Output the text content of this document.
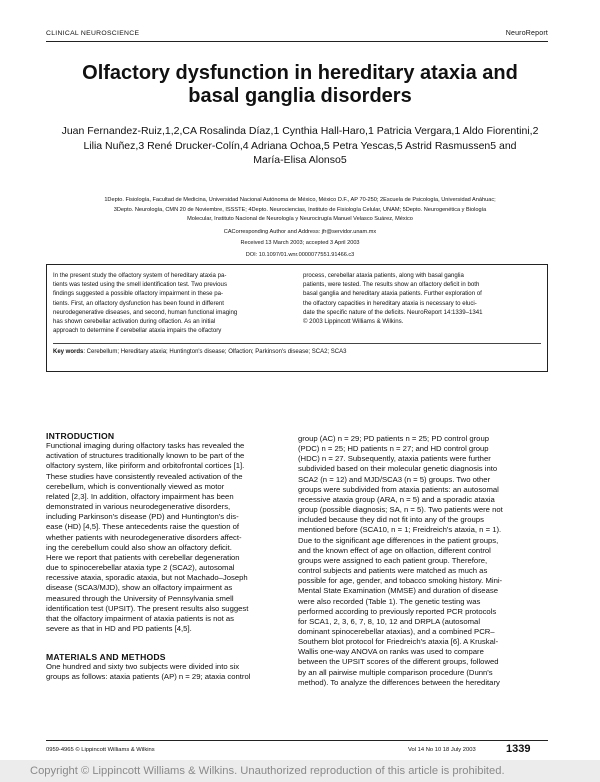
CLINICAL NEUROSCIENCE	NeuroReport
Olfactory dysfunction in hereditary ataxia and
basal ganglia disorders
Juan Fernandez-Ruiz,1,2,CA Rosalinda Díaz,1 Cynthia Hall-Haro,1 Patricia Vergara,1 Aldo Fiorentini,2
Lilia Nuñez,3 René Drucker-Colín,4 Adriana Ochoa,5 Petra Yescas,5 Astrid Rasmussen5 and
María-Elisa Alonso5
1Depto. Fisiología, Facultad de Medicina, Universidad Nacional Autónoma de México, México D.F., AP 70-250; 2Escuela de Psicología, Universidad Anáhuac;
3Depto. Neurología, CMN 20 de Noviembre, ISSSTE; 4Depto. Neurociencias, Instituto de Fisiología Celular, UNAM; 5Depto. Neurogenética y Biología
Molecular, Instituto Nacional de Neurología y Neurocirugía Manuel Velasco Suárez, México
In the present study the olfactory system of hereditary ataxia pa-
tients was tested using the smell identification test. Two previous
findings suggested a possible olfactory impairment in these pa-
tients. First, an olfactory dysfunction has been found in different
neurodegenerative diseases, and second, human functional imaging
has shown cerebellar activation during olfaction. As an initial
approach to determine if cerebellar ataxia impairs the olfactory
process, cerebellar ataxia patients, along with basal ganglia
patients, were tested. The results show an olfactory deficit in both
basal ganglia and hereditary ataxia patients. Further exploration of
the olfactory capacities in hereditary ataxia is necessary to eluci-
date the specific nature of the deficits. NeuroReport 14:1339–1341
© 2003 Lippincott Williams & Wilkins.
Key words: Cerebellum; Hereditary ataxia; Huntington's disease; Olfaction; Parkinson's disease; SCA2; SCA3
CACorresponding Author and Address: jfr@servidor.unam.mx
INTRODUCTION
Functional imaging during olfactory tasks has revealed the
activation of structures traditionally known to be part of the
olfactory system, like piriform and orbitofrontal cortices [1].
These studies have consistently revealed activation of the
cerebellum, which is conventionally viewed as motor
related [2,3]. In addition, olfactory impairment has been
demonstrated in various neurodegenerative disorders,
including Parkinson's disease (PD) and Huntington's dis-
ease (HD) [4,5]. These antecedents raise the question of
whether patients with neurodegenerative disorders affect-
ing the cerebellum could also show an olfactory deficit.
Here we report that patients with cerebellar degeneration
due to spinocerebellar ataxia type 2 (SCA2), autosomal
recessive ataxia, sporadic ataxia, but not Machado–Joseph
disease (SCA3/MJD), show an olfactory impairment as
measured through the University of Pennsylvania smell
identification test (UPSIT). The present results also suggest
that the olfactory impairment of ataxia patients is not as
severe as that in HD and PD patients [4,5].
MATERIALS AND METHODS
One hundred and sixty two subjects were divided into six
groups as follows: ataxia patients (AP) n = 29; ataxia control
group (AC) n = 29; PD patients n = 25; PD control group
(PDC) n = 25; HD patients n = 27; and HD control group
(HDC) n = 27. Subsequently, ataxia patients were further
subdivided based on their molecular genetic diagnosis into
SCA2 (n = 12) and MJD/SCA3 (n = 5) groups. Two other
groups were subdivided from ataxia patients: an autosomal
recessive ataxia group (ARA, n = 5) and a sporadic ataxia
group (possible diagnosis; SA, n = 5). Two patients were not
included because they did not fit into any of the groups
mentioned before (SCA10, n = 1; Freidreich's ataxia, n = 1).
Due to the significant age differences in the patient groups,
and the known effect of age on olfaction, different control
groups were assigned to each patient group. Therefore,
control subjects and patients were matched as much as
possible for age, gender, and tobacco smoking history. Mini-
Mental State Examination (MMSE) and duration of disease
were also recorded (Table 1). The genetic testing was
performed according to previously reported PCR protocols
for SCA1, 2, 3, 6, 7, 8, 10, 12 and DRPLA (autosomal
dominant spinocerebellar ataxias), and a combined PCR–
Southern blot protocol for Friedreich's ataxia [6]. A Kruskal-
Wallis one-way ANOVA on ranks was used to compare
between the UPSIT scores of the different groups, followed
by an all pairwise multiple comparison procedure (Dunn's
method). To analyze the differences between the hereditary
0959-4965 © Lippincott Williams & Wilkins	Vol 14 No 10 18 July 2003	1339
Copyright © Lippincott Williams & Wilkins. Unauthorized reproduction of this article is prohibited.
Received 13 March 2003; accepted 3 April 2003
DOI: 10.1097/01.wnr.0000077551.91466.c3
